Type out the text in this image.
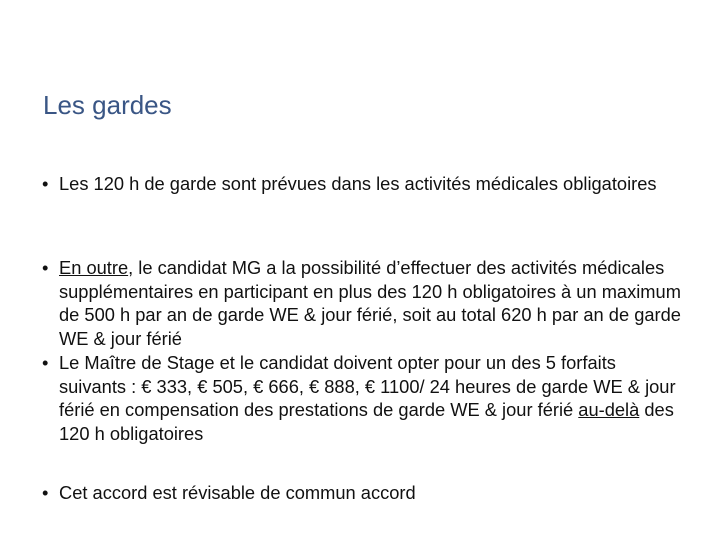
Les gardes
• Les 120 h de garde sont prévues dans les activités médicales obligatoires
• En outre, le candidat MG a la possibilité d’effectuer des activités médicales supplémentaires en participant en plus des 120 h obligatoires à un maximum de 500 h par an de garde WE & jour férié, soit au total 620 h par an de garde WE & jour férié
• Le Maître de Stage et le candidat doivent opter pour un des 5 forfaits suivants : € 333, € 505, € 666, € 888, € 1100/ 24 heures de garde WE & jour férié en compensation des prestations de garde WE & jour férié au-delà des 120 h obligatoires
• Cet accord est révisable de commun accord
